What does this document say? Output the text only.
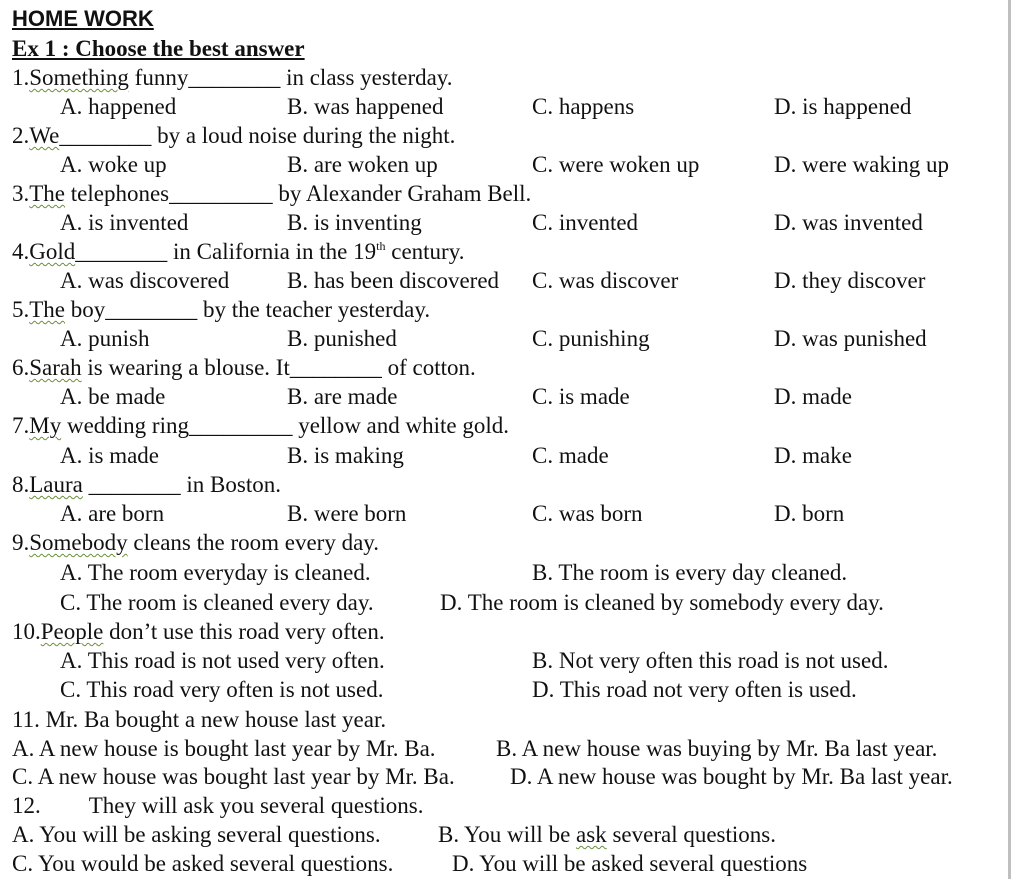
HOME WORK
Ex 1 : Choose the best answer
1.Something funny________ in class yesterday.
A. happened	B. was happened	C. happens	D. is happened
2.We________ by a loud noise during the night.
A. woke up	B. are woken up	C. were woken up	D. were waking up
3.The telephones_________ by Alexander Graham Bell.
A. is invented	B. is inventing	C. invented	D. was invented
4.Gold________ in California in the 19th century.
A. was discovered	B. has been discovered C. was discover	D. they discover
5.The boy________ by the teacher yesterday.
A. punish	B. punished	C. punishing	D. was punished
6.Sarah is wearing a blouse. It________ of cotton.
A. be made	B. are made	C. is made	D. made
7.My wedding ring_________ yellow and white gold.
A. is made	B. is making	C. made	D. make
8.Laura ________ in Boston.
A. are born	B. were born	C. was born	D. born
9.Somebody cleans the room every day.
A. The room everyday is cleaned.	B. The room is every day cleaned.
C. The room is cleaned every day.	D. The room is cleaned by somebody every day.
10.People don’t use this road very often.
A. This road is not used very often.	B. Not very often this road is not used.
C. This road very often is not used.	D. This road not very often is used.
11. Mr. Ba bought a new house last year.
A. A new house is bought last year by Mr. Ba.	B. A new house was buying by Mr. Ba last year.
C. A new house was bought last year by Mr. Ba. D. A new house was bought by Mr. Ba last year.
12. They will ask you several questions.
A. You will be asking several questions. B. You will be ask several questions.
C. You would be asked several questions.	D. You will be asked several questions
